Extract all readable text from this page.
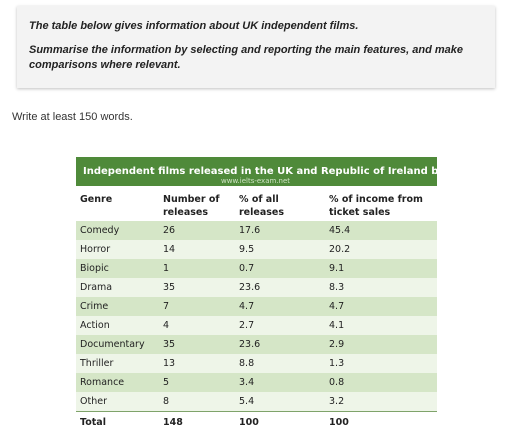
The table below gives information about UK independent films.

Summarise the information by selecting and reporting the main features, and make comparisons where relevant.

Write at least 150 words.
Independent films released in the UK and Republic of Ireland by genre 2012
www.ielts-exam.net
Genre	Number of releases	% of all releases	% of income from ticket sales
Comedy	26	17.6	45.4
Horror	14	9.5	20.2
Biopic	1	0.7	9.1
Drama	35	23.6	8.3
Crime	7	4.7	4.7
Action	4	2.7	4.1
Documentary	35	23.6	2.9
Thriller	13	8.8	1.3
Romance	5	3.4	0.8
Other	8	5.4	3.2
Total	148	100	100
